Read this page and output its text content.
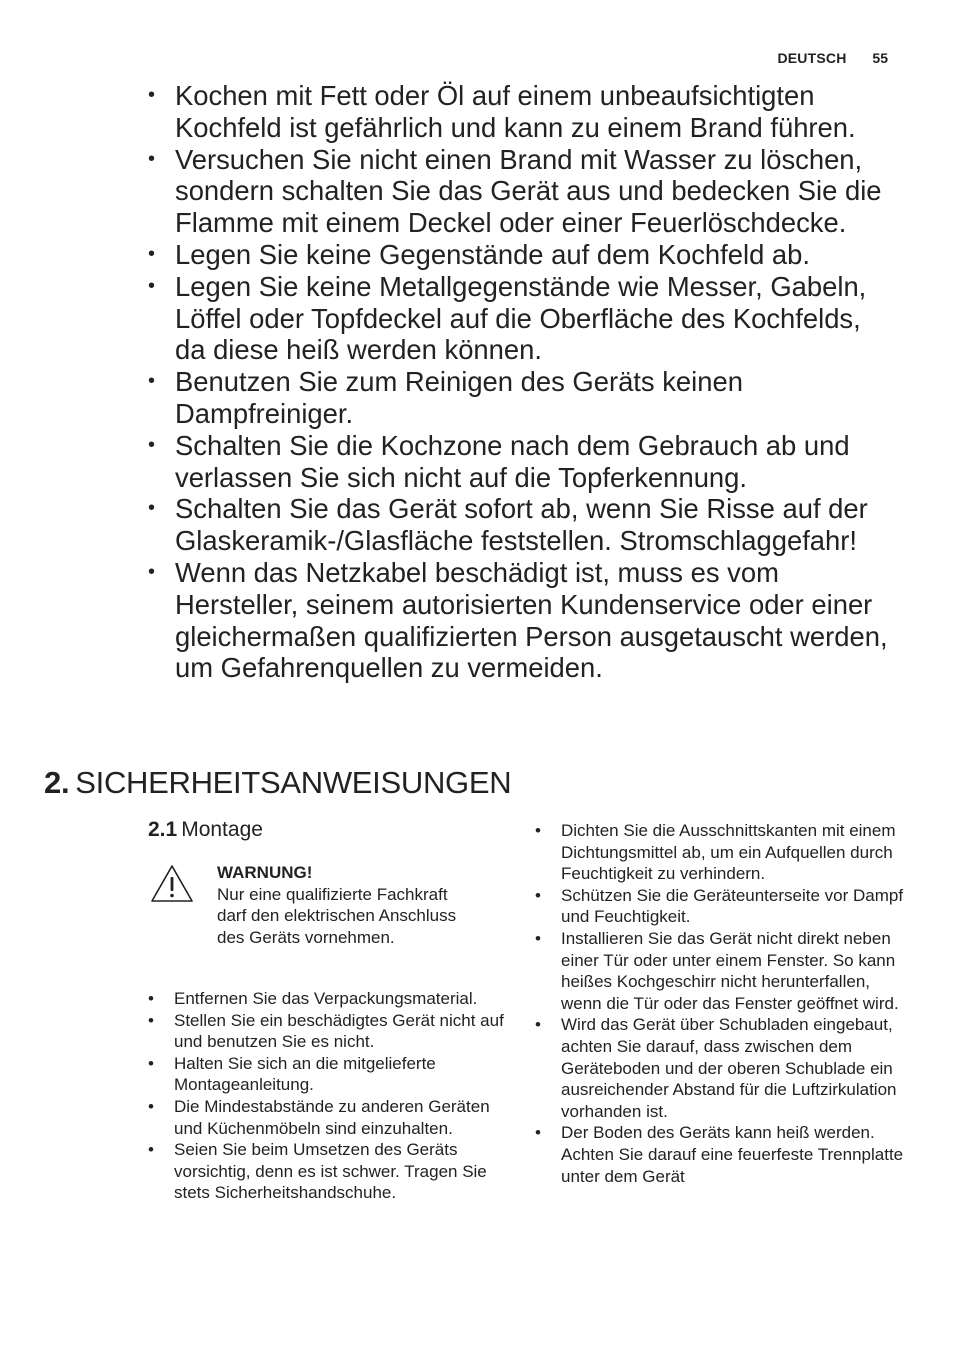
DEUTSCH 55
• Kochen mit Fett oder Öl auf einem unbeaufsichtigten Kochfeld ist gefährlich und kann zu einem Brand führen.
• Versuchen Sie nicht einen Brand mit Wasser zu löschen, sondern schalten Sie das Gerät aus und bedecken Sie die Flamme mit einem Deckel oder einer Feuerlöschdecke.
• Legen Sie keine Gegenstände auf dem Kochfeld ab.
• Legen Sie keine Metallgegenstände wie Messer, Gabeln, Löffel oder Topfdeckel auf die Oberfläche des Kochfelds, da diese heiß werden können.
• Benutzen Sie zum Reinigen des Geräts keinen Dampfreiniger.
• Schalten Sie die Kochzone nach dem Gebrauch ab und verlassen Sie sich nicht auf die Topferkennung.
• Schalten Sie das Gerät sofort ab, wenn Sie Risse auf der Glaskeramik-/Glasfläche feststellen. Stromschlaggefahr!
• Wenn das Netzkabel beschädigt ist, muss es vom Hersteller, seinem autorisierten Kundenservice oder einer gleichermaßen qualifizierten Person ausgetauscht werden, um Gefahrenquellen zu vermeiden.
2. SICHERHEITSANWEISUNGEN
2.1 Montage
WARNUNG!
Nur eine qualifizierte Fachkraft darf den elektrischen Anschluss des Geräts vornehmen.
• Entfernen Sie das Verpackungsmaterial.
• Stellen Sie ein beschädigtes Gerät nicht auf und benutzen Sie es nicht.
• Halten Sie sich an die mitgelieferte Montageanleitung.
• Die Mindestabstände zu anderen Geräten und Küchenmöbeln sind einzuhalten.
• Seien Sie beim Umsetzen des Geräts vorsichtig, denn es ist schwer. Tragen Sie stets Sicherheitshandschuhe.
• Dichten Sie die Ausschnittskanten mit einem Dichtungsmittel ab, um ein Aufquellen durch Feuchtigkeit zu verhindern.
• Schützen Sie die Geräteunterseite vor Dampf und Feuchtigkeit.
• Installieren Sie das Gerät nicht direkt neben einer Tür oder unter einem Fenster. So kann heißes Kochgeschirr nicht herunterfallen, wenn die Tür oder das Fenster geöffnet wird.
• Wird das Gerät über Schubladen eingebaut, achten Sie darauf, dass zwischen dem Geräteboden und der oberen Schublade ein ausreichender Abstand für die Luftzirkulation vorhanden ist.
• Der Boden des Geräts kann heiß werden. Achten Sie darauf eine feuerfeste Trennplatte unter dem Gerät
